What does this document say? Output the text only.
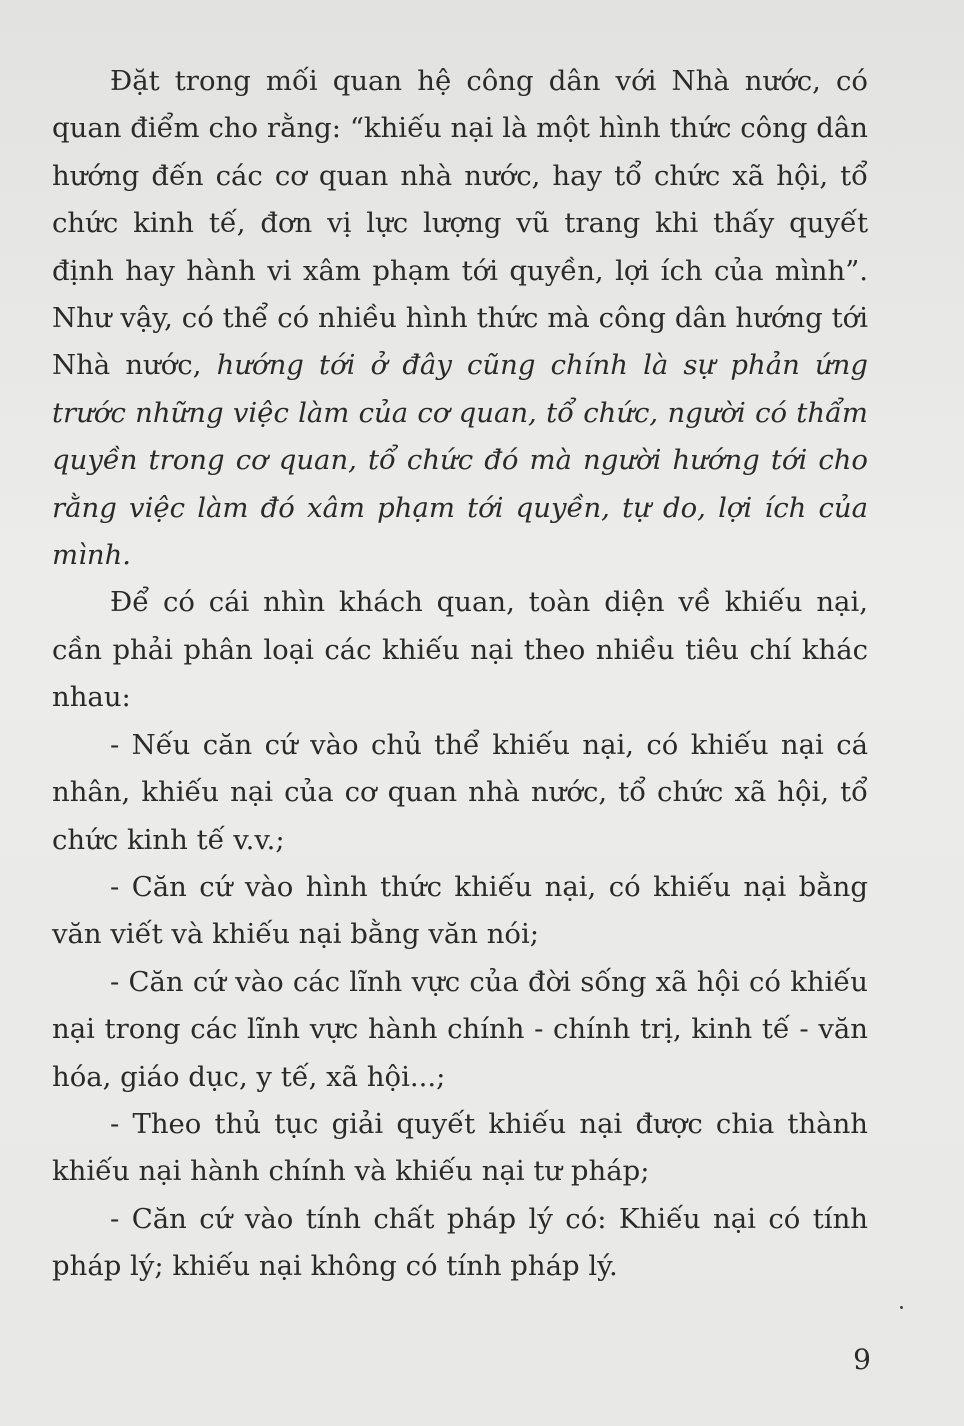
Đặt trong mối quan hệ công dân với Nhà nước, có quan điểm cho rằng: “khiếu nại là một hình thức công dân hướng đến các cơ quan nhà nước, hay tổ chức xã hội, tổ chức kinh tế, đơn vị lực lượng vũ trang khi thấy quyết định hay hành vi xâm phạm tới quyền, lợi ích của mình”. Như vậy, có thể có nhiều hình thức mà công dân hướng tới Nhà nước, hướng tới ở đây cũng chính là sự phản ứng trước những việc làm của cơ quan, tổ chức, người có thẩm quyền trong cơ quan, tổ chức đó mà người hướng tới cho rằng việc làm đó xâm phạm tới quyền, tự do, lợi ích của mình.

Để có cái nhìn khách quan, toàn diện về khiếu nại, cần phải phân loại các khiếu nại theo nhiều tiêu chí khác nhau:

- Nếu căn cứ vào chủ thể khiếu nại, có khiếu nại cá nhân, khiếu nại của cơ quan nhà nước, tổ chức xã hội, tổ chức kinh tế v.v.;

- Căn cứ vào hình thức khiếu nại, có khiếu nại bằng văn viết và khiếu nại bằng văn nói;

- Căn cứ vào các lĩnh vực của đời sống xã hội có khiếu nại trong các lĩnh vực hành chính - chính trị, kinh tế - văn hóa, giáo dục, y tế, xã hội...;

- Theo thủ tục giải quyết khiếu nại được chia thành khiếu nại hành chính và khiếu nại tư pháp;

- Căn cứ vào tính chất pháp lý có: Khiếu nại có tính pháp lý; khiếu nại không có tính pháp lý.

9
